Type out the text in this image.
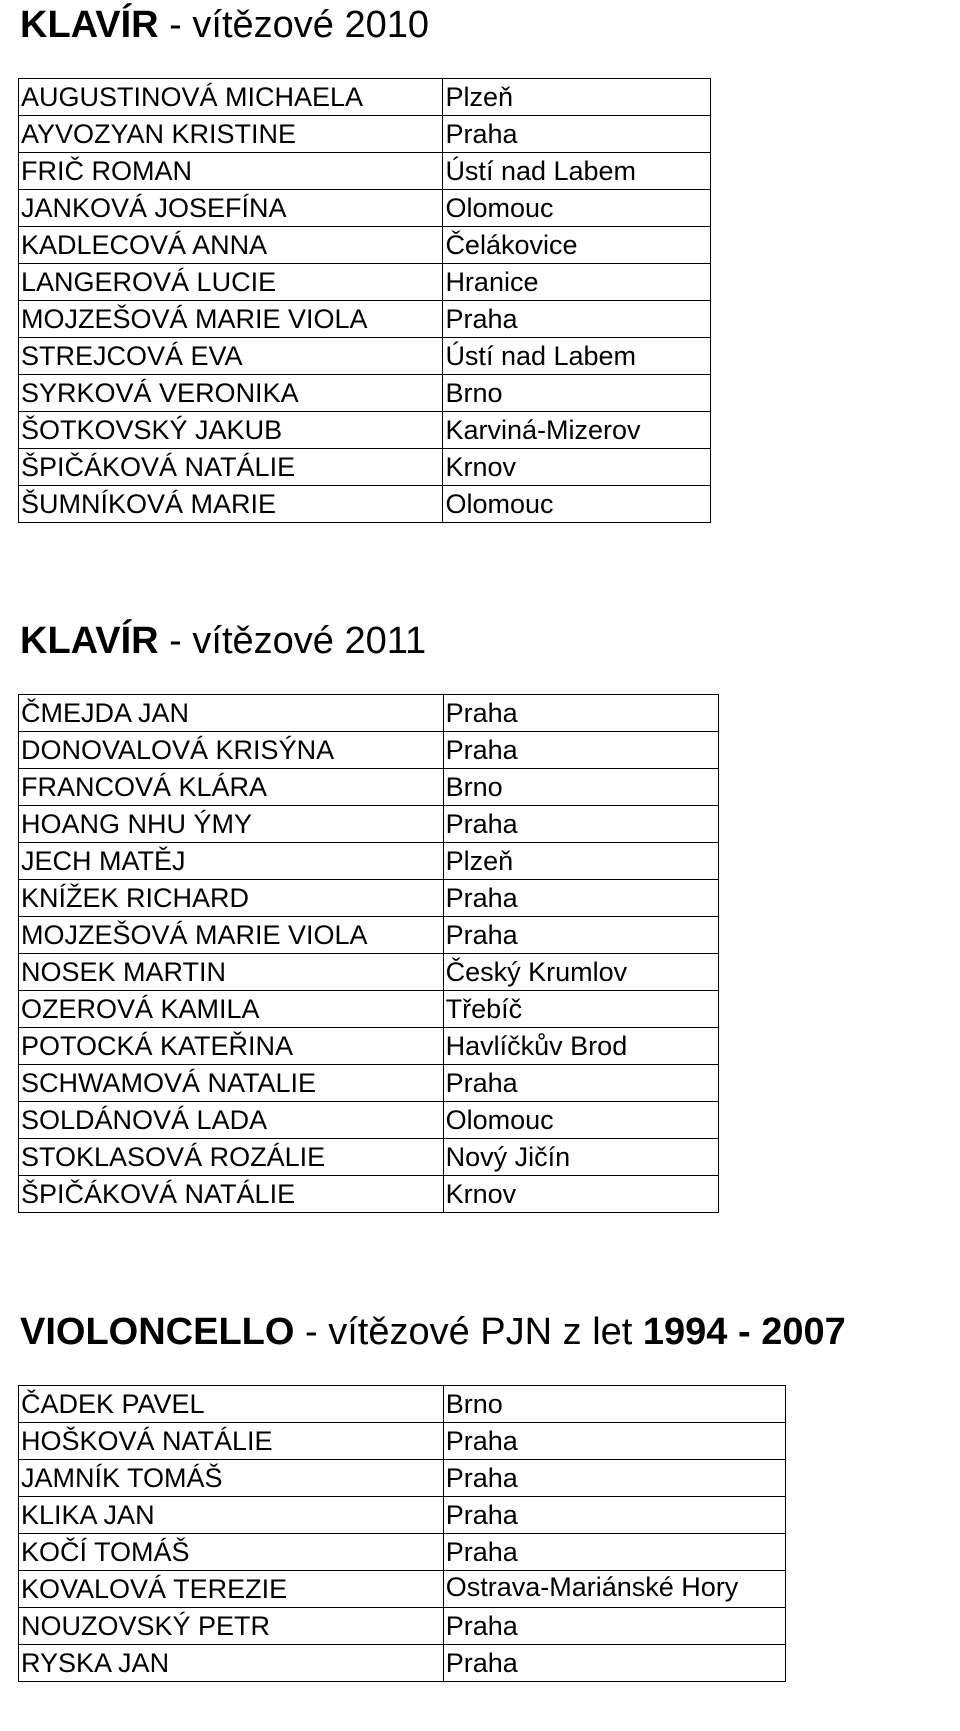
KLAVÍR - vítězové 2010
AUGUSTINOVÁ MICHAELA	Plzeň
AYVOZYAN KRISTINE	Praha
FRIČ ROMAN	Ústí nad Labem
JANKOVÁ JOSEFÍNA	Olomouc
KADLECOVÁ ANNA	Čelákovice
LANGEROVÁ LUCIE	Hranice
MOJZEŠOVÁ MARIE VIOLA	Praha
STREJCOVÁ EVA	Ústí nad Labem
SYRKOVÁ VERONIKA	Brno
ŠOTKOVSKÝ JAKUB	Karviná-Mizerov
ŠPIČÁKOVÁ NATÁLIE	Krnov
ŠUMNÍKOVÁ MARIE	Olomouc
KLAVÍR - vítězové 2011
ČMEJDA JAN	Praha
DONOVALOVÁ KRISÝNA	Praha
FRANCOVÁ KLÁRA	Brno
HOANG NHU ÝMY	Praha
JECH MATĚJ	Plzeň
KNÍŽEK RICHARD	Praha
MOJZEŠOVÁ MARIE VIOLA	Praha
NOSEK MARTIN	Český Krumlov
OZEROVÁ KAMILA	Třebíč
POTOCKÁ KATEŘINA	Havlíčkův Brod
SCHWAMOVÁ NATALIE	Praha
SOLDÁNOVÁ LADA	Olomouc
STOKLASOVÁ ROZÁLIE	Nový Jičín
ŠPIČÁKOVÁ NATÁLIE	Krnov
VIOLONCELLO - vítězové PJN z let 1994 - 2007
ČADEK PAVEL	Brno
HOŠKOVÁ NATÁLIE	Praha
JAMNÍK TOMÁŠ	Praha
KLIKA JAN	Praha
KOČÍ TOMÁŠ	Praha
KOVALOVÁ TEREZIE	Ostrava-Mariánské Hory
NOUZOVSKÝ PETR	Praha
RYSKA JAN	Praha
